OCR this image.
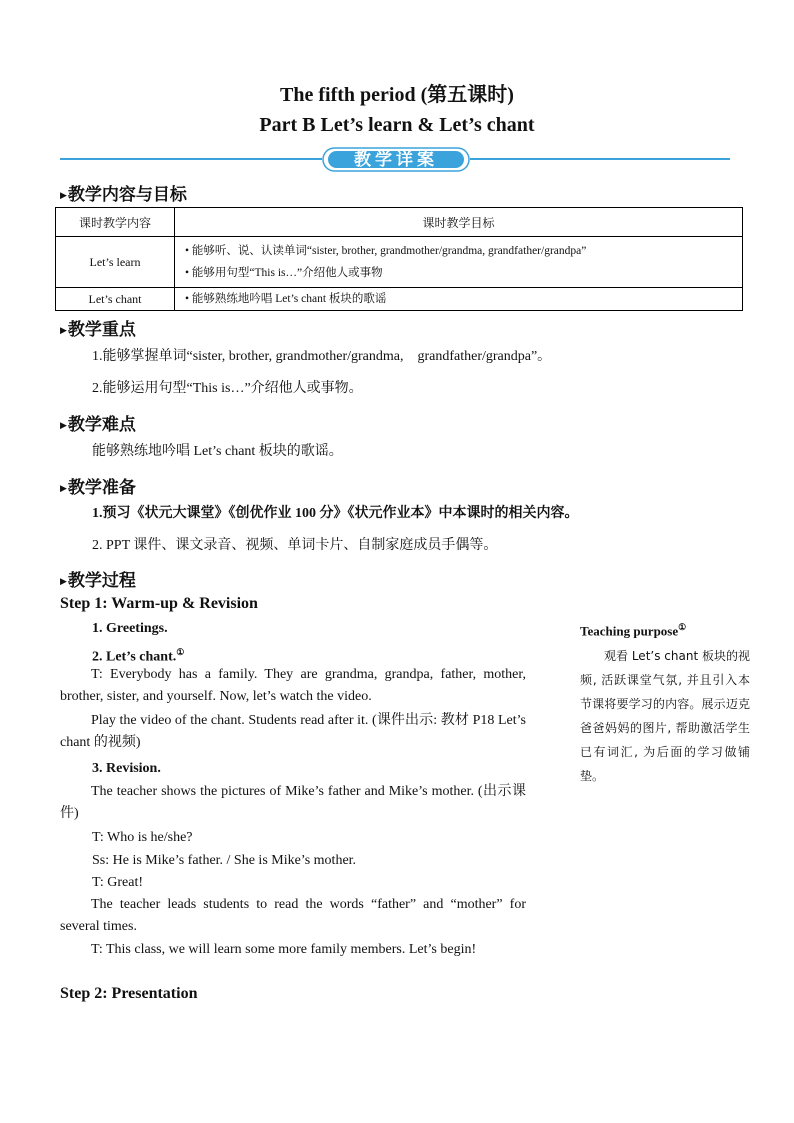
The fifth period (第五课时)
Part B Let’s learn & Let’s chant
教学详案
▶教学内容与目标
课时教学内容	课时教学目标
Let’s learn	• 能够听、说、认读单词“sister, brother, grandmother/grandma, grandfather/grandpa”
• 能够用句型“This is…”介绍他人或事物

Let’s chant	• 能够熟练地吟唱 Let’s chant 板块的歌谣
▶教学重点
1.能够掌握单词“sister, brother, grandmother/grandma,　grandfather/grandpa”。
2.能够运用句型“This is…”介绍他人或事物。
▶教学难点
能够熟练地吟唱 Let’s chant 板块的歌谣。
▶教学准备
1.预习《状元大课堂》《创优作业 100 分》《状元作业本》中本课时的相关内容。
2. PPT 课件、课文录音、视频、单词卡片、自制家庭成员手偶等。
▶教学过程
Step 1: Warm-up & Revision
1. Greetings.
2. Let’s chant.①
T: Everybody has a family. They are grandma, grandpa, father, mother, brother, sister, and yourself. Now, let’s watch the video.
Play the video of the chant. Students read after it. (课件出示: 教材 P18 Let’s chant 的视频)
3. Revision.
The teacher shows the pictures of Mike’s father and Mike’s mother. (出示课件)
T: Who is he/she?
Ss: He is Mike’s father. / She is Mike’s mother.
T: Great!
The teacher leads students to read the words “father” and “mother” for several times.
T: This class, we will learn some more family members. Let’s begin!
Step 2: Presentation
Teaching purpose①
观看 Let’s chant 板块的视频, 活跃课堂气氛, 并且引入本节课将要学习的内容。展示迈克爸爸妈妈的图片, 帮助激活学生已有词汇, 为后面的学习做铺垫。
